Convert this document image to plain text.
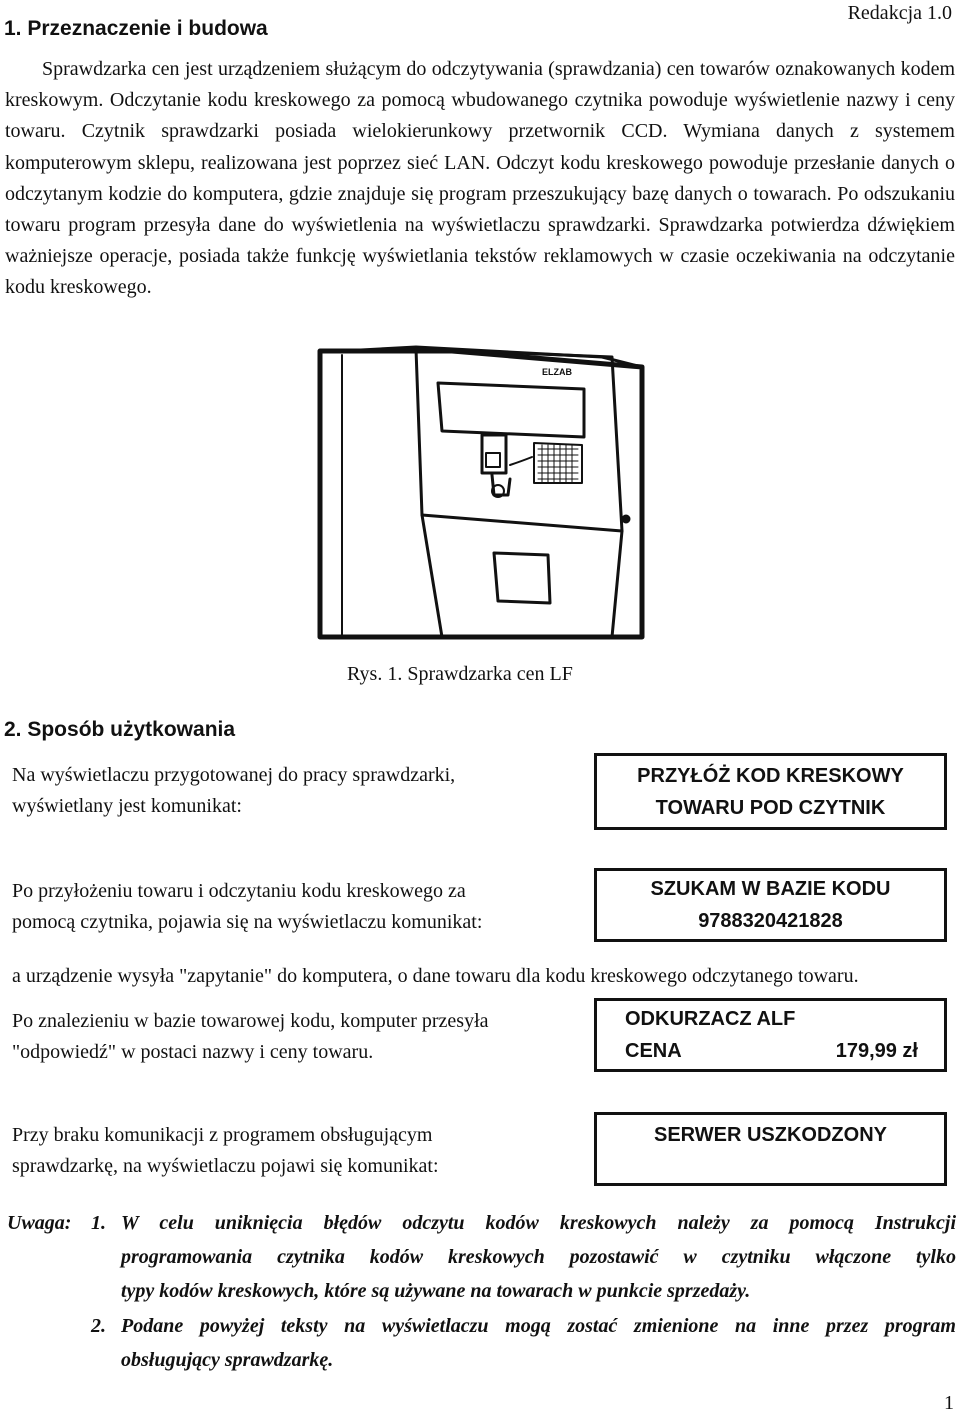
1. Przeznaczenie i budowa
Redakcja 1.0
Sprawdzarka cen jest urządzeniem służącym do odczytywania (sprawdzania) cen towarów oznakowanych kodem kreskowym. Odczytanie kodu kreskowego za pomocą wbudowanego czytnika powoduje wyświetlenie nazwy i ceny towaru. Czytnik sprawdzarki posiada wielokierunkowy przetwornik CCD. Wymiana danych z systemem komputerowym sklepu, realizowana jest poprzez sieć LAN. Odczyt kodu kreskowego powoduje przesłanie danych o odczytanym kodzie do komputera, gdzie znajduje się program przeszukujący bazę danych o towarach. Po odszukaniu towaru program przesyła dane do wyświetlenia na wyświetlaczu sprawdzarki. Sprawdzarka potwierdza dźwiękiem ważniejsze operacje, posiada także funkcję wyświetlania tekstów reklamowych w czasie oczekiwania na odczytanie kodu kreskowego.
ELZAB
Rys. 1. Sprawdzarka cen LF
2. Sposób użytkowania
Na wyświetlaczu przygotowanej do pracy sprawdzarki,
wyświetlany jest komunikat:
PRZYŁÓŻ KOD KRESKOWY
TOWARU POD CZYTNIK
Po przyłożeniu towaru i odczytaniu kodu kreskowego za
pomocą czytnika, pojawia się na wyświetlaczu komunikat:
SZUKAM W BAZIE KODU
9788320421828
a urządzenie wysyła "zapytanie" do komputera, o dane towaru dla kodu kreskowego odczytanego towaru.
Po znalezieniu w bazie towarowej kodu, komputer przesyła
"odpowiedź" w postaci nazwy i ceny towaru.
ODKURZACZ ALF
CENA	179,99 zł
Przy braku komunikacji z programem obsługującym
sprawdzarkę, na wyświetlaczu pojawi się komunikat:
SERWER USZKODZONY
Uwaga: 1. W celu uniknięcia błędów odczytu kodów kreskowych należy za pomocą Instrukcji
programowania czytnika kodów kreskowych pozostawić w czytniku włączone tylko
typy kodów kreskowych, które są używane na towarach w punkcie sprzedaży.
2. Podane powyżej teksty na wyświetlaczu mogą zostać zmienione na inne przez program
obsługujący sprawdzarkę.
1
